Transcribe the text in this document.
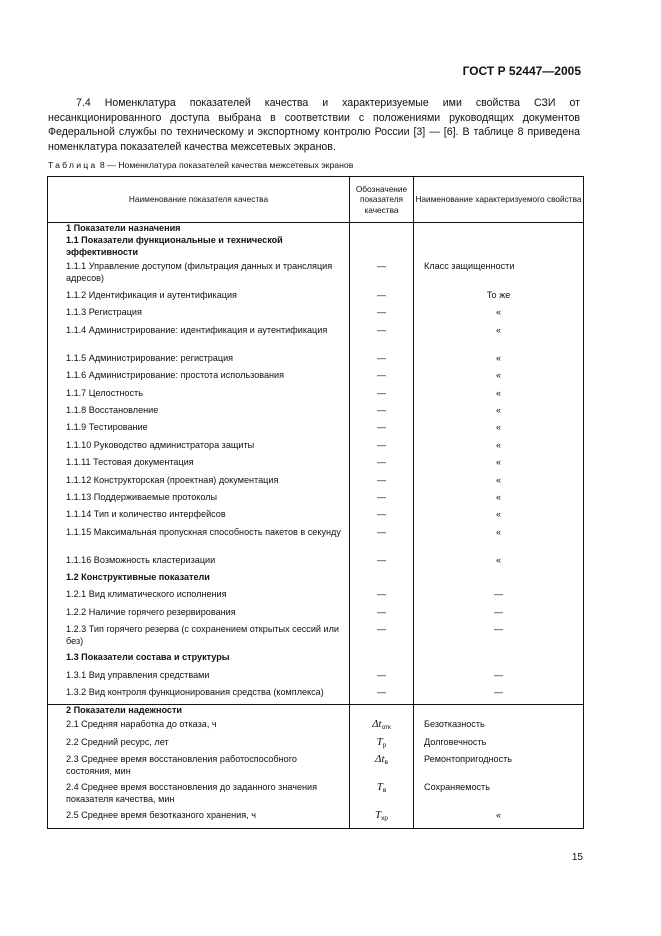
ГОСТ Р 52447—2005

7.4 Номенклатура показателей качества и характеризуемые ими свойства СЗИ от несанкционированного доступа выбрана в соответствии с положениями руководящих документов Федеральной службы по техническому и экспортному контролю России [3] — [6]. В таблице 8 приведена номенклатура показателей качества межсетевых экранов.

Таблица 8 — Номенклатура показателей качества межсетевых экранов
Наименование показателя качества	Обозначение показателя качества	Наименование характеризуемого свойства
1 Показатели назначения		
1.1 Показатели функциональные и технической эффективности		
1.1.1 Управление доступом (фильтрация данных и трансляция адресов)	—	Класс защищенности
1.1.2 Идентификация и аутентификация	—	То же
1.1.3 Регистрация	—	«
1.1.4 Администрирование: идентификация и аутентификация	—	«
1.1.5 Администрирование: регистрация	—	«
1.1.6 Администрирование: простота использования	—	«
1.1.7 Целостность	—	«
1.1.8 Восстановление	—	«
1.1.9 Тестирование	—	«
1.1.10 Руководство администратора защиты	—	«
1.1.11 Тестовая документация	—	«
1.1.12 Конструкторская (проектная) документация	—	«
1.1.13 Поддерживаемые протоколы	—	«
1.1.14 Тип и количество интерфейсов	—	«
1.1.15 Максимальная пропускная способность пакетов в секунду	—	«
1.1.16 Возможность кластеризации	—	«
1.2 Конструктивные показатели		
1.2.1 Вид климатического исполнения	—	—
1.2.2 Наличие горячего резервирования	—	—
1.2.3 Тип горячего резерва (с сохранением открытых сессий или без)	—	—
1.3 Показатели состава и структуры		
1.3.1 Вид управления средствами	—	—
1.3.2 Вид контроля функционирования средства (комплекса)	—	—
2 Показатели надежности		
2.1 Средняя наработка до отказа, ч	$\Delta t_{отк}$	Безотказность
2.2 Средний ресурс, лет	$T_р$	Долговечность
2.3 Среднее время восстановления работоспособного состояния, мин	$\Delta t_в$	Ремонтопригодность
2.4 Среднее время восстановления до заданного значения показателя качества, мин	$T_в$	Сохраняемость
2.5 Среднее время безотказного хранения, ч	$T_{хр}$	«
15
